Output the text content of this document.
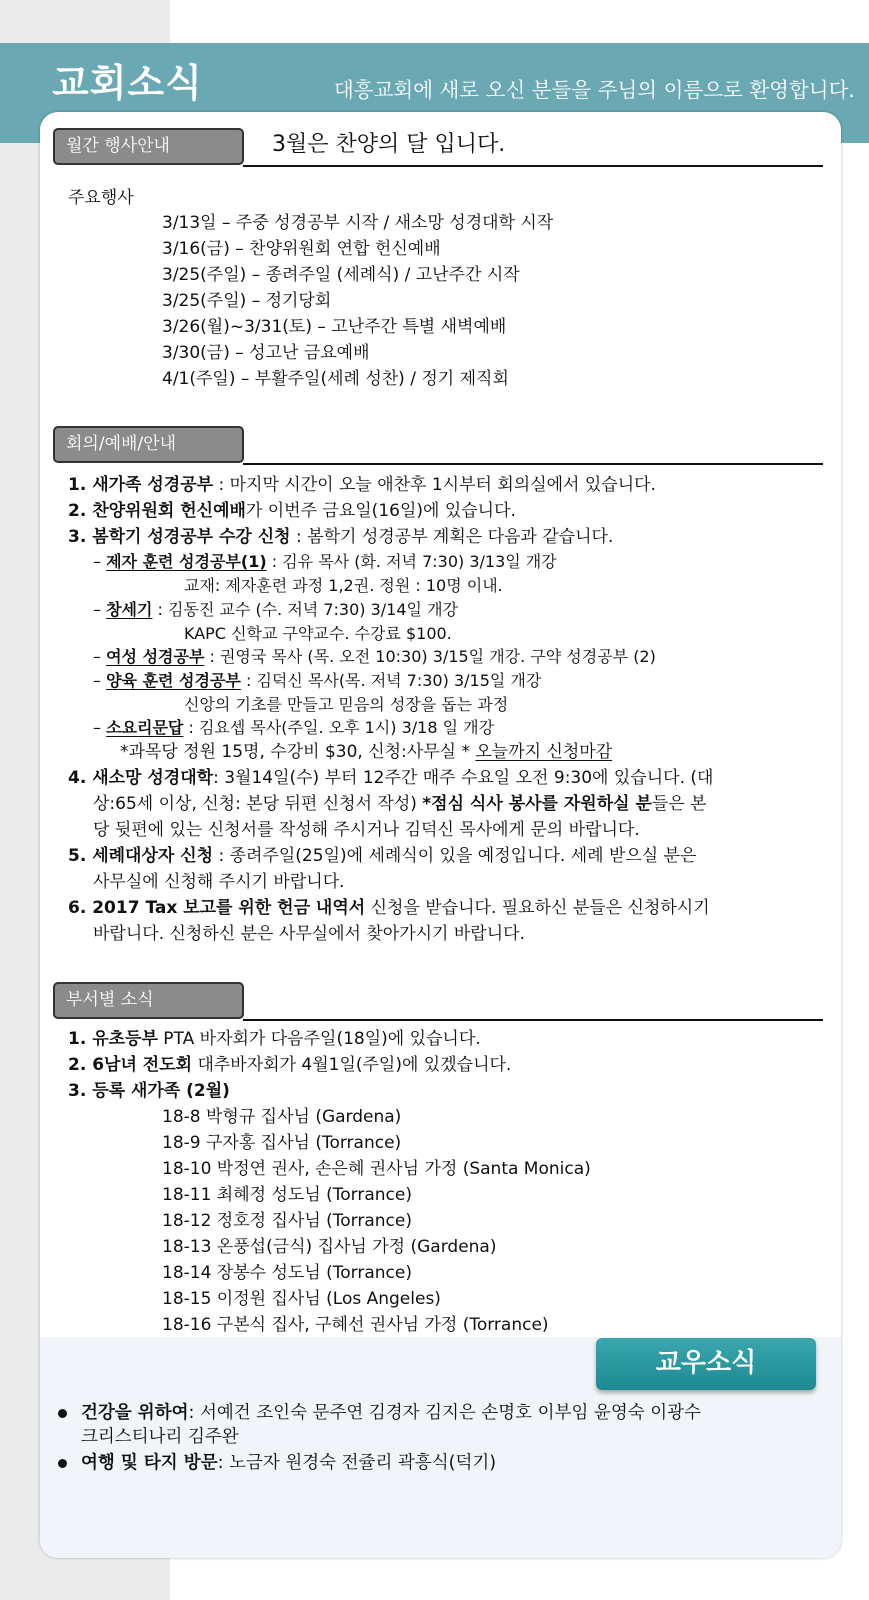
교회소식	대흥교회에 새로 오신 분들을 주님의 이름으로 환영합니다.
월간 행사안내	3월은 찬양의 달 입니다.
주요행사
3/13일 – 주중 성경공부 시작 / 새소망 성경대학 시작
3/16(금) – 찬양위원회 연합 헌신예배
3/25(주일) – 종려주일 (세례식) / 고난주간 시작
3/25(주일) – 정기당회
3/26(월)~3/31(토) – 고난주간 특별 새벽예배
3/30(금) – 성고난 금요예배
4/1(주일) – 부활주일(세례 성찬) / 정기 제직회
회의/예배/안내
1. 새가족 성경공부 : 마지막 시간이 오늘 애찬후 1시부터 회의실에서 있습니다.
2. 찬양위원회 헌신예배가 이번주 금요일(16일)에 있습니다.
3. 봄학기 성경공부 수강 신청 : 봄학기 성경공부 계획은 다음과 같습니다.
– 제자 훈련 성경공부(1) : 김유 목사 (화. 저녁 7:30) 3/13일 개강
교재: 제자훈련 과정 1,2권. 정원 : 10명 이내.
– 창세기 : 김동진 교수 (수. 저녁 7:30) 3/14일 개강
KAPC 신학교 구약교수. 수강료 $100.
– 여성 성경공부 : 권영국 목사 (목. 오전 10:30) 3/15일 개강. 구약 성경공부 (2)
– 양육 훈련 성경공부 : 김덕신 목사(목. 저녁 7:30) 3/15일 개강
신앙의 기초를 만들고 믿음의 성장을 돕는 과정
– 소요리문답 : 김요셉 목사(주일. 오후 1시) 3/18 일 개강
*과목당 정원 15명, 수강비 $30, 신청:사무실 * 오늘까지 신청마감
4. 새소망 성경대학: 3월14일(수) 부터 12주간 매주 수요일 오전 9:30에 있습니다. (대
상:65세 이상, 신청: 본당 뒤편 신청서 작성) *점심 식사 봉사를 자원하실 분들은 본
당 뒷편에 있는 신청서를 작성해 주시거나 김덕신 목사에게 문의 바랍니다.
5. 세례대상자 신청 : 종려주일(25일)에 세례식이 있을 예정입니다. 세례 받으실 분은
사무실에 신청해 주시기 바랍니다.
6. 2017 Tax 보고를 위한 헌금 내역서 신청을 받습니다. 필요하신 분들은 신청하시기
바랍니다. 신청하신 분은 사무실에서 찾아가시기 바랍니다.
부서별 소식
1. 유초등부 PTA 바자회가 다음주일(18일)에 있습니다.
2. 6남녀 전도회 대추바자회가 4월1일(주일)에 있겠습니다.
3. 등록 새가족 (2월)
18-8 박형규 집사님 (Gardena)
18-9 구자홍 집사님 (Torrance)
18-10 박정연 권사, 손은혜 권사님 가정 (Santa Monica)
18-11 최혜정 성도님 (Torrance)
18-12 정호정 집사님 (Torrance)
18-13 온풍섭(금식) 집사님 가정 (Gardena)
18-14 장봉수 성도님 (Torrance)
18-15 이정원 집사님 (Los Angeles)
18-16 구본식 집사, 구혜선 권사님 가정 (Torrance)
교우소식
건강을 위하여: 서예건 조인숙 문주연 김경자 김지은 손명호 이부임 윤영숙 이광수
크리스티나리 김주완
여행 및 타지 방문: 노금자 원경숙 전쥴리 곽흥식(덕기)
